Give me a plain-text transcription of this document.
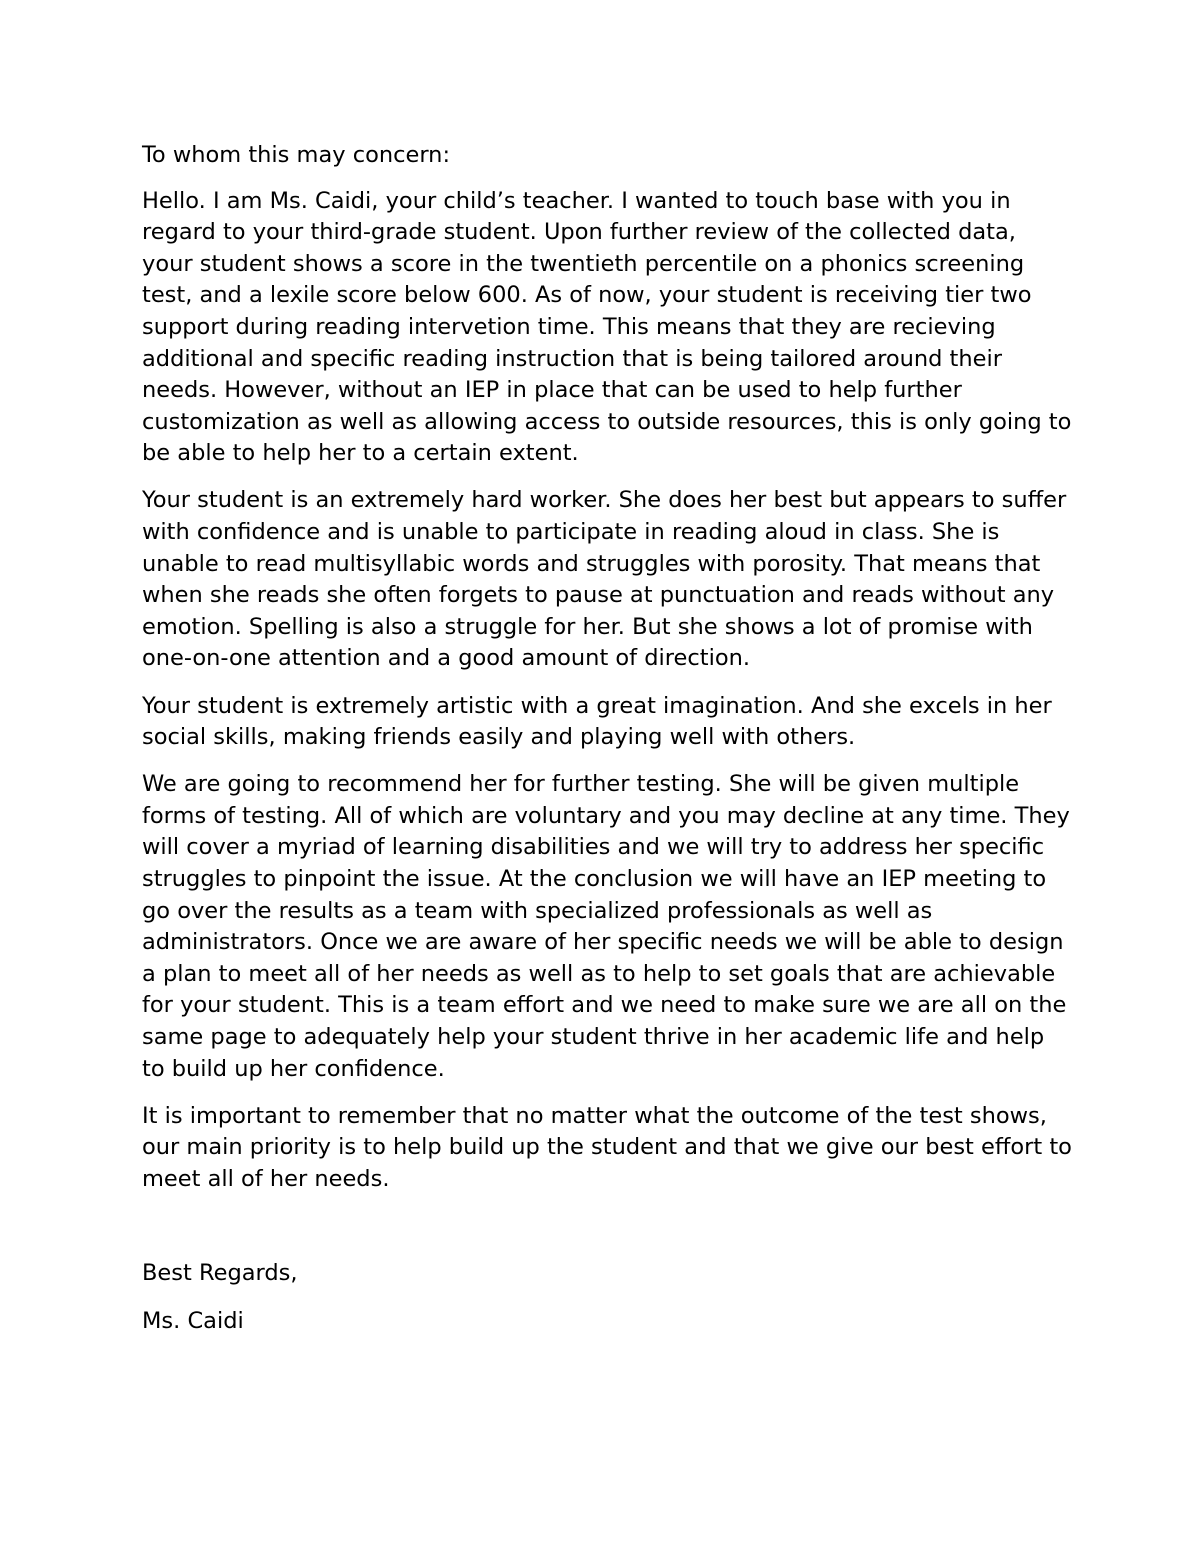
To whom this may concern:

Hello. I am Ms. Caidi, your child’s teacher. I wanted to touch base with you in regard to your third-grade student. Upon further review of the collected data, your student shows a score in the twentieth percentile on a phonics screening test, and a lexile score below 600. As of now, your student is receiving tier two support during reading intervetion time. This means that they are recieving additional and specific reading instruction that is being tailored around their needs. However, without an IEP in place that can be used to help further customization as well as allowing access to outside resources, this is only going to be able to help her to a certain extent.

Your student is an extremely hard worker. She does her best but appears to suffer with confidence and is unable to participate in reading aloud in class. She is unable to read multisyllabic words and struggles with porosity. That means that when she reads she often forgets to pause at punctuation and reads without any emotion. Spelling is also a struggle for her. But she shows a lot of promise with one-on-one attention and a good amount of direction.

Your student is extremely artistic with a great imagination. And she excels in her social skills, making friends easily and playing well with others.

We are going to recommend her for further testing. She will be given multiple forms of testing. All of which are voluntary and you may decline at any time. They will cover a myriad of learning disabilities and we will try to address her specific struggles to pinpoint the issue. At the conclusion we will have an IEP meeting to go over the results as a team with specialized professionals as well as administrators. Once we are aware of her specific needs we will be able to design a plan to meet all of her needs as well as to help to set goals that are achievable for your student. This is a team effort and we need to make sure we are all on the same page to adequately help your student thrive in her academic life and help to build up her confidence.

It is important to remember that no matter what the outcome of the test shows, our main priority is to help build up the student and that we give our best effort to meet all of her needs.

Best Regards,

Ms. Caidi
